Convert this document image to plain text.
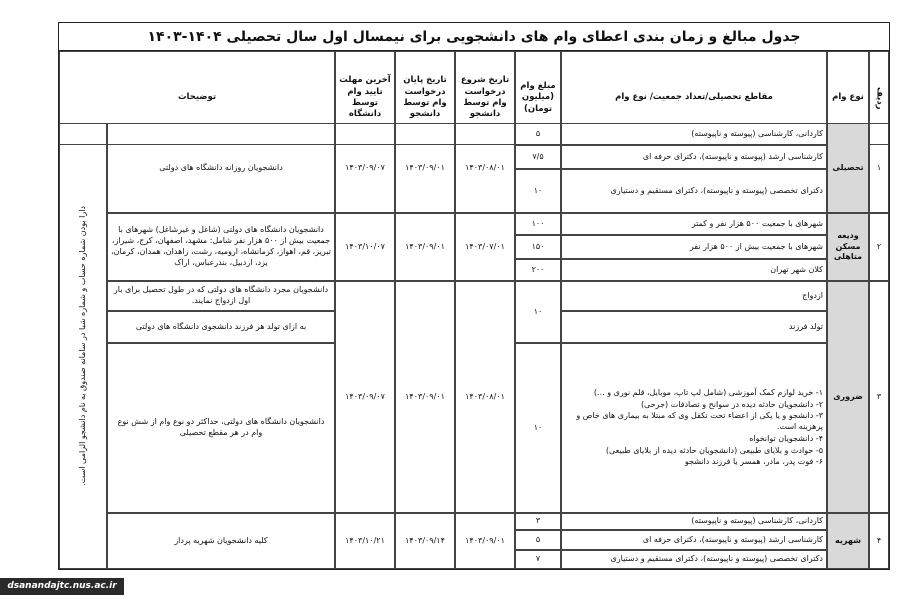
جدول مبالغ و زمان بندی اعطای وام های دانشجویی برای نیمسال اول سال تحصیلی ۱۴۰۴-۱۴۰۳
ردیف
نوع وام
مقاطع تحصیلی/تعداد جمعیت/ نوع وام
مبلغ وام (میلیون تومان)
تاریخ شروع درخواست وام توسط دانشجو
تاریخ پایان درخواست وام توسط دانشجو
آخرین مهلت تایید وام توسط دانشگاه
توضیحات
دارا بودن شماره حساب و شماره شبا در سامانه صندوق به نام دانشجو الزامی است.
۱
تحصیلی
کاردانی، کارشناسی (پیوسته و ناپیوسته)
۵
کارشناسی ارشد (پیوسته و ناپیوسته)، دکترای حرفه ای
۷/۵
دکترای تخصصی (پیوسته و ناپیوسته)، دکترای مستقیم و دستیاری
۱۰
۱۴۰۳/۰۸/۰۱
۱۴۰۳/۰۹/۰۱
۱۴۰۳/۰۹/۰۷
دانشجویان روزانه دانشگاه های دولتی
۲
ودیعه مسکن متاهلی
شهرهای با جمعیت ۵۰۰ هزار نفر و کمتر
۱۰۰
شهرهای با جمعیت بیش از ۵۰۰ هزار نفر
۱۵۰
کلان شهر تهران
۲۰۰
۱۴۰۳/۰۷/۰۱
۱۴۰۳/۰۹/۰۱
۱۴۰۳/۱۰/۰۷
دانشجویان دانشگاه های دولتی (شاغل و غیرشاغل) شهرهای با جمعیت بیش از ۵۰۰ هزار نفر شامل: مشهد، اصفهان، کرج، شیراز، تبریز، قم، اهواز، کرمانشاه، ارومیه، رشت، زاهدان، همدان، کرمان، یزد، اردبیل، بندرعباس، اراک
۳
ضروری
ازدواج
تولد فرزند
۱۰
۱- خرید لوازم کمک آموزشی (شامل لپ تاپ، موبایل، قلم نوری و ...)
۲- دانشجویان حادثه دیده در سوانح و تصادفات (جرحی)
۳- دانشجو و یا یکی از اعضاء تحت تکفل وی که مبتلا به بیماری های خاص و پرهزینه است.
۴- دانشجویان توانخواه
۵- حوادث و بلایای طبیعی (دانشجویان حادثه دیده از بلایای طبیعی)
۶- فوت پدر، مادر، همسر یا فرزند دانشجو
۱۰
۱۴۰۳/۰۸/۰۱
۱۴۰۳/۰۹/۰۱
۱۴۰۳/۰۹/۰۷
دانشجویان مجرد دانشگاه های دولتی که در طول تحصیل برای بار اول ازدواج نمایند.
به ازای تولد هر فرزند دانشجوی دانشگاه های دولتی
دانشجویان دانشگاه های دولتی، حداکثر دو نوع وام از شش نوع وام در هر مقطع تحصیلی
۴
شهریه
کاردانی، کارشناسی (پیوسته و ناپیوسته)
۳
کارشناسی ارشد (پیوسته و ناپیوسته)، دکترای حرفه ای
۵
دکترای تخصصی (پیوسته و ناپیوسته)، دکترای مستقیم و دستیاری
۷
۱۴۰۳/۰۹/۰۱
۱۴۰۳/۰۹/۱۴
۱۴۰۳/۱۰/۲۱
کلیه دانشجویان شهریه پرداز
dsanandajtc.nus.ac.ir
